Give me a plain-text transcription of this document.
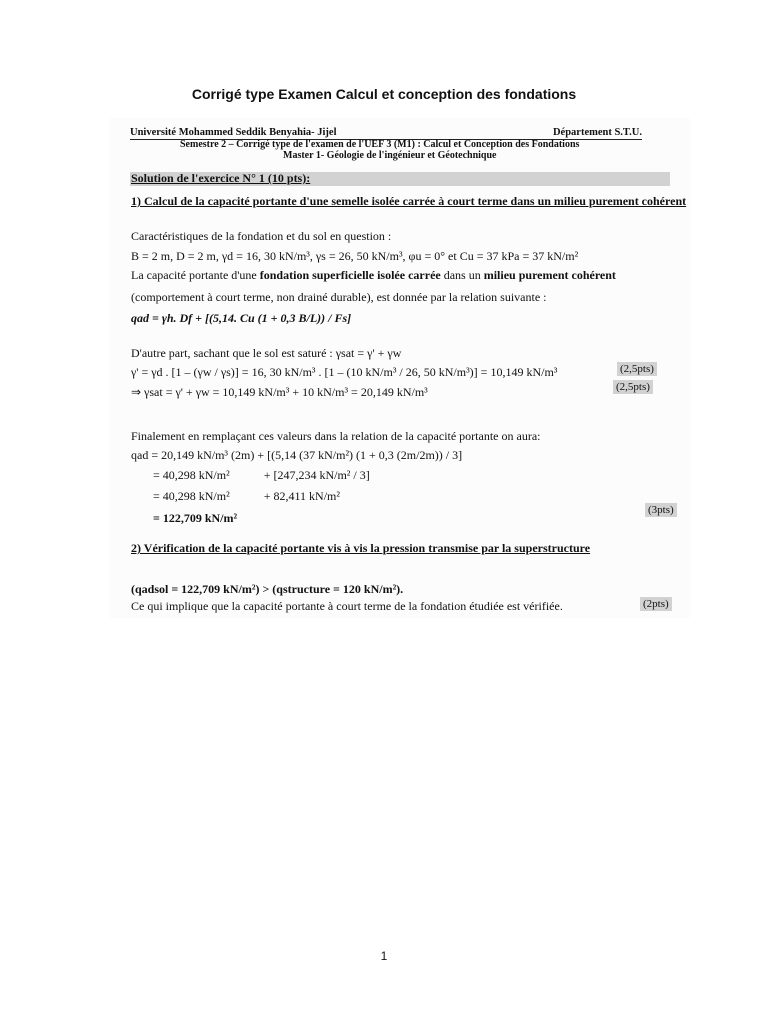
Corrigé type Examen Calcul et conception des fondations
Université Mohammed Seddik Benyahia- Jijel	Département S.T.U.
Semestre 2 – Corrigé type de l'examen de l'UEF 3 (M1) : Calcul et Conception des Fondations
Master 1- Géologie de l'ingénieur et Géotechnique
Solution de l'exercice N° 1 (10 pts):
1) Calcul de la capacité portante d'une semelle isolée carrée à court terme dans un milieu purement cohérent
Caractéristiques de la fondation et du sol en question :
B = 2 m, D = 2 m, γd = 16, 30 kN/m³, γs = 26, 50 kN/m³, φu = 0° et Cu = 37 kPa = 37 kN/m²
La capacité portante d'une fondation superficielle isolée carrée dans un milieu purement cohérent
(comportement à court terme, non drainé durable), est donnée par la relation suivante :
qad = γh. Df + [(5,14. Cu (1 + 0,3 B/L)) / Fs]
D'autre part, sachant que le sol est saturé : γsat = γ' + γw
γ' = γd . [1 – (γw / γs)] = 16, 30 kN/m³ . [1 – (10 kN/m³ / 26, 50 kN/m³)] = 10,149 kN/m³	(2,5pts)
⇒ γsat = γ' + γw = 10,149 kN/m³ + 10 kN/m³ = 20,149 kN/m³	(2,5pts)
Finalement en remplaçant ces valeurs dans la relation de la capacité portante on aura:
qad = 20,149 kN/m³ (2m) + [(5,14 (37 kN/m²) (1 + 0,3 (2m/2m)) / 3]
= 40,298 kN/m²	+ [247,234 kN/m² / 3]
= 40,298 kN/m²	+ 82,411 kN/m²
= 122,709 kN/m²
(3pts)
2) Vérification de la capacité portante vis à vis la pression transmise par la superstructure
(qadsol = 122,709 kN/m²) > (qstructure = 120 kN/m²).
Ce qui implique que la capacité portante à court terme de la fondation étudiée est vérifiée.	(2pts)
1
